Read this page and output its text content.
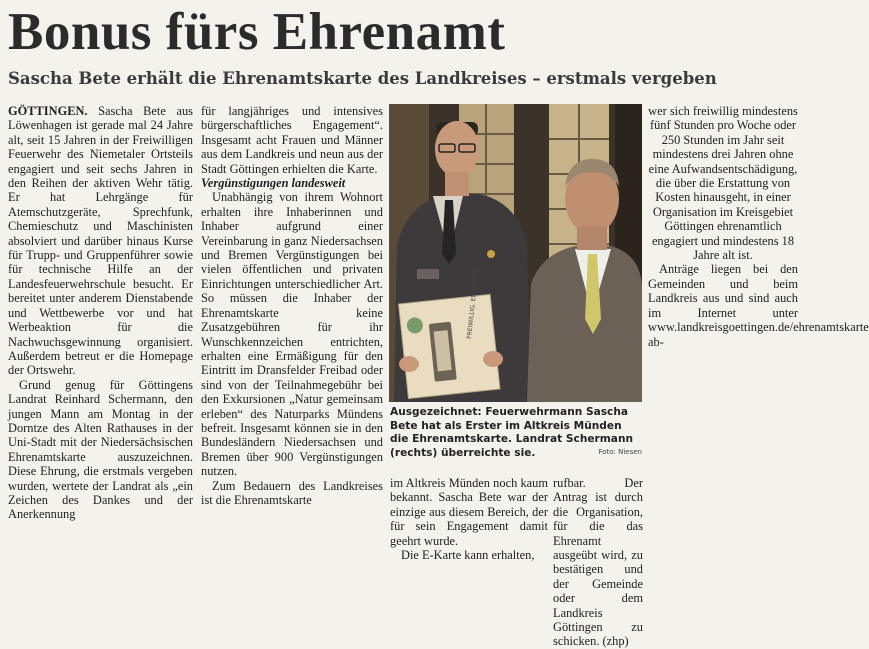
Bonus fürs Ehrenamt
Sascha Bete erhält die Ehrenamtskarte des Landkreises – erstmals vergeben

GÖTTINGEN. Sascha Bete aus Löwenhagen ist gerade mal 24 Jahre alt, seit 15 Jahren in der Freiwilligen Feuerwehr des Niemetaler Ortsteils engagiert und seit sechs Jahren in den Reihen der aktiven Wehr tätig. Er hat Lehrgänge für Atemschutzgeräte, Sprechfunk, Chemieschutz und Maschinisten absolviert und darüber hinaus Kurse für Trupp- und Gruppenführer sowie für technische Hilfe an der Landesfeuerwehrschule besucht. Er bereitet unter anderem Dienstabende und Wettbewerbe vor und hat Werbeaktion für die Nachwuchsgewinnung organisiert. Außerdem betreut er die Homepage der Ortswehr.

Grund genug für Göttingens Landrat Reinhard Schermann, den jungen Mann am Montag in der Dorntze des Alten Rathauses in der Uni-Stadt mit der Niedersächsischen Ehrenamtskarte auszuzeichnen. Diese Ehrung, die erstmals vergeben wurden, wertete der Landrat als „ein Zeichen des Dankes und der Anerkennung

für langjähriges und intensives bürgerschaftliches Engagement“. Insgesamt acht Frauen und Männer aus dem Landkreis und neun aus der Stadt Göttingen erhielten die Karte.

Vergünstigungen landesweit

Unabhängig von ihrem Wohnort erhalten ihre Inhaberinnen und Inhaber aufgrund einer Vereinbarung in ganz Niedersachsen und Bremen Vergünstigungen bei vielen öffentlichen und privaten Einrichtungen unterschiedlicher Art. So müssen die Inhaber der Ehrenamtskarte keine Zusatzgebühren für ihr Wunschkennzeichen entrichten, erhalten eine Ermäßigung für den Eintritt im Dransfelder Freibad oder sind von der Teilnahmegebühr bei den Exkursionen „Natur gemeinsam erleben“ des Naturparks Mündens befreit. Insgesamt können sie in den Bundesländern Niedersachsen und Bremen über 900 Vergünstigungen nutzen.

Zum Bedauern des Landkreises ist die Ehrenamtskarte

FREIWILLIG. ENGAGIERT.
Ausgezeichnet: Feuerwehrmann Sascha Bete hat als Erster im Altkreis Münden die Ehrenamtskarte. Landrat Schermann (rechts) überreichte sie.	Foto: Niesen

im Altkreis Münden noch kaum bekannt. Sascha Bete war der einzige aus diesem Bereich, der für sein Engagement damit geehrt wurde.

Die E-Karte kann erhalten,

rufbar. Der Antrag ist durch die Organisation, für die das Ehrenamt ausgeübt wird, zu bestätigen und der Gemeinde oder dem Landkreis Göttingen zu schicken. (zhp)

wer sich freiwillig mindestens fünf Stunden pro Woche oder 250 Stunden im Jahr seit mindestens drei Jahren ohne eine Aufwandsentschädigung, die über die Erstattung von Kosten hinausgeht, in einer Organisation im Kreisgebiet Göttingen ehrenamtlich engagiert und mindestens 18 Jahre alt ist.

Anträge liegen bei den Gemeinden und beim Landkreis aus und sind auch im Internet unter www.landkreisgoettingen.de/ehrenamtskarte ab-
